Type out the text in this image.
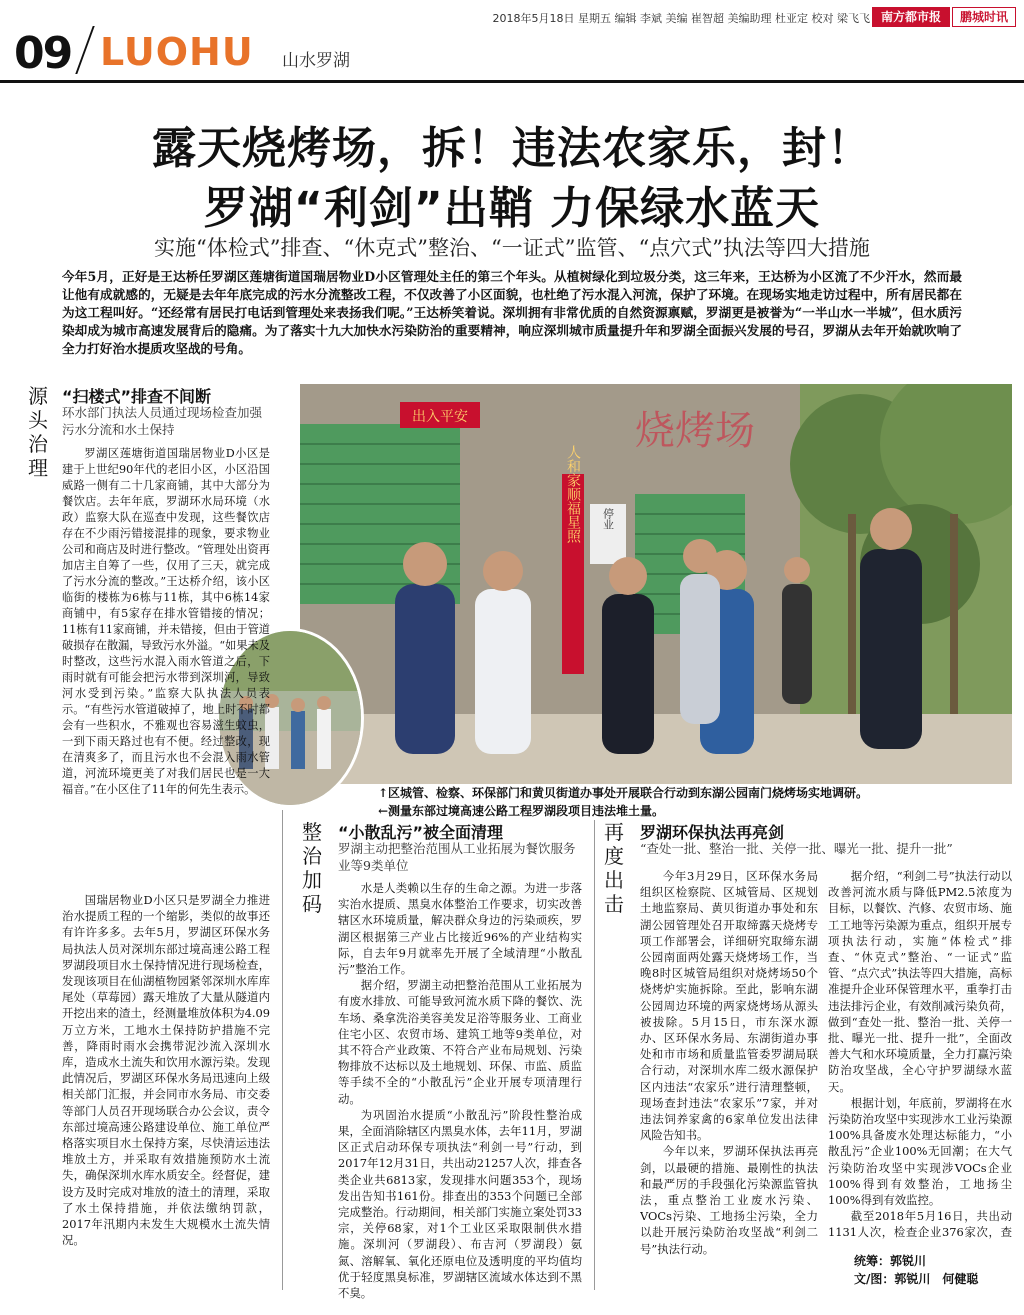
2018年5月18日 星期五 编辑 李斌 美编 崔智超 美编助理 杜亚定 校对 梁飞飞 南方都市报	鹏城时讯
09 LUOHU 山水罗湖
露天烧烤场，拆！违法农家乐，封！
罗湖“利剑”出鞘 力保绿水蓝天
实施“体检式”排查、“休克式”整治、“一证式”监管、“点穴式”执法等四大措施
今年5月，正好是王达桥任罗湖区莲塘街道国瑞居物业D小区管理处主任的第三个年头。从植树绿化到垃圾分类，这三年来，王达桥为小区流了不少汗水，然而最让他有成就感的，无疑是去年年底完成的污水分流整改工程，不仅改善了小区面貌，也杜绝了污水混入河流，保护了环境。在现场实地走访过程中，所有居民都在为这工程叫好。“还经常有居民打电话到管理处来表扬我们呢。”王达桥笑着说。深圳拥有非常优质的自然资源禀赋，罗湖更是被誉为“一半山水一半城”，但水质污染却成为城市高速发展背后的隐痛。为了落实十九大加快水污染防治的重要精神，响应深圳城市质量提升年和罗湖全面振兴发展的号召，罗湖从去年开始就吹响了全力打好治水提质攻坚战的号角。
出入平安
人和家顺福星照 停业
烧烤场
↑区城管、检察、环保部门和黄贝街道办事处开展联合行动到东湖公园南门烧烤场实地调研。
←测量东部过境高速公路工程罗湖段项目违法堆土量。
源头治理
“扫楼式”排查不间断
环水部门执法人员通过现场检查加强污水分流和水土保持

罗湖区莲塘街道国瑞居物业D小区是建于上世纪90年代的老旧小区，小区沿国威路一侧有二十几家商铺，其中大部分为餐饮店。去年年底，罗湖环水局环境（水政）监察大队在巡查中发现，这些餐饮店存在不少雨污错接混排的现象，要求物业公司和商店及时进行整改。“管理处出资再加店主自筹了一些，仅用了三天，就完成了污水分流的整改。”王达桥介绍，该小区临街的楼栋为6栋与11栋，其中6栋14家商铺中，有5家存在排水管错接的情况；11栋有11家商铺，并未错接，但由于管道破损存在散漏，导致污水外溢。“如果未及时整改，这些污水混入雨水管道之后，下雨时就有可能会把污水带到深圳河，导致河水受到污染。”监察大队执法人员表示。“有些污水管道破掉了，地上时不时都会有一些积水，不雅观也容易滋生蚊虫，一到下雨天路过也有不便。经过整改，现在清爽多了，而且污水也不会混入雨水管道，河流环境更美了对我们居民也是一大福音。”在小区住了11年的何先生表示。

国瑞居物业D小区只是罗湖全力推进治水提质工程的一个缩影，类似的故事还有许许多多。去年5月，罗湖区环保水务局执法人员对深圳东部过境高速公路工程罗湖段项目水土保持情况进行现场检查，发现该项目在仙湖植物园紧邻深圳水库库尾处（草莓园）露天堆放了大量从隧道内开挖出来的渣土，经测量堆放体积为4.09万立方米，工地水土保持防护措施不完善，降雨时雨水会携带泥沙流入深圳水库，造成水土流失和饮用水源污染。发现此情况后，罗湖区环保水务局迅速向上级相关部门汇报，并会同市水务局、市交委等部门人员召开现场联合办公会议，责令东部过境高速公路建设单位、施工单位严格落实项目水土保持方案，尽快清运违法堆放土方，并采取有效措施预防水土流失，确保深圳水库水质安全。经督促，建设方及时完成对堆放的渣土的清理，采取了水土保持措施，并依法缴纳罚款，2017年汛期内未发生大规模水土流失情况。

整治加码
“小散乱污”被全面清理
罗湖主动把整治范围从工业拓展为餐饮服务业等9类单位

水是人类赖以生存的生命之源。为进一步落实治水提质、黑臭水体整治工作要求，切实改善辖区水环境质量，解决群众身边的污染顽疾，罗湖区根据第三产业占比接近96%的产业结构实际，自去年9月就率先开展了全域清理“小散乱污”整治工作。

据介绍，罗湖主动把整治范围从工业拓展为有废水排放、可能导致河流水质下降的餐饮、洗车场、桑拿洗浴美容美发足浴等服务业、工商业住宅小区、农贸市场、建筑工地等9类单位，对其不符合产业政策、不符合产业布局规划、污染物排放不达标以及土地规划、环保、市监、质监等手续不全的“小散乱污”企业开展专项清理行动。

为巩固治水提质“小散乱污”阶段性整治成果，全面消除辖区内黑臭水体，去年11月，罗湖区正式启动环保专项执法“利剑一号”行动，到2017年12月31日，共出动21257人次，排查各类企业共6813家，发现排水问题353个，现场发出告知书161份。排查出的353个问题已全部完成整治。行动期间，相关部门实施立案处罚33宗，关停68家，对1个工业区采取限制供水措施。深圳河（罗湖段）、布吉河（罗湖段）氨氮、溶解氧、氧化还原电位及透明度的平均值均优于轻度黑臭标准，罗湖辖区流域水体达到不黑不臭。

再度出击
罗湖环保执法再亮剑
“查处一批、整治一批、关停一批、曝光一批、提升一批”

今年3月29日，区环保水务局组织区检察院、区城管局、区规划土地监察局、黄贝街道办事处和东湖公园管理处召开取缔露天烧烤专项工作部署会，详细研究取缔东湖公园南面两处露天烧烤场工作，当晚8时区城管局组织对烧烤场50个烧烤炉实施拆除。至此，影响东湖公园周边环境的两家烧烤场从源头被拔除。5月15日，市东深水源办、区环保水务局、东湖街道办事处和市市场和质量监管委罗湖局联合行动，对深圳水库二级水源保护区内违法“农家乐”进行清理整顿，现场查封违法“农家乐”7家，并对违法饲养家禽的6家单位发出法律风险告知书。

今年以来，罗湖环保执法再亮剑，以最硬的措施、最刚性的执法和最严厉的手段强化污染源监管执法，重点整治工业废水污染、VOCs污染、工地扬尘污染，全力以赴开展污染防治攻坚战“利剑二号”执法行动。

据介绍，“利剑二号”执法行动以改善河流水质与降低PM2.5浓度为目标，以餐饮、汽修、农贸市场、施工工地等污染源为重点，组织开展专项执法行动，实施“体检式”排查、“休克式”整治、“一证式”监管、“点穴式”执法等四大措施，高标准提升企业环保管理水平，重拳打击违法排污企业，有效削减污染负荷，做到“查处一批、整治一批、关停一批、曝光一批、提升一批”，全面改善大气和水环境质量，全力打赢污染防治攻坚战，全心守护罗湖绿水蓝天。

根据计划，年底前，罗湖将在水污染防治攻坚中实现涉水工业污染源100%具备废水处理达标能力，“小散乱污”企业100%无回潮；在大气污染防治攻坚中实现涉VOCs企业100%得到有效整治，工地扬尘100%得到有效监控。

截至2018年5月16日，共出动1131人次，检查企业376家次，查

统筹：郭锐川
文/图：郭锐川　何健聪
